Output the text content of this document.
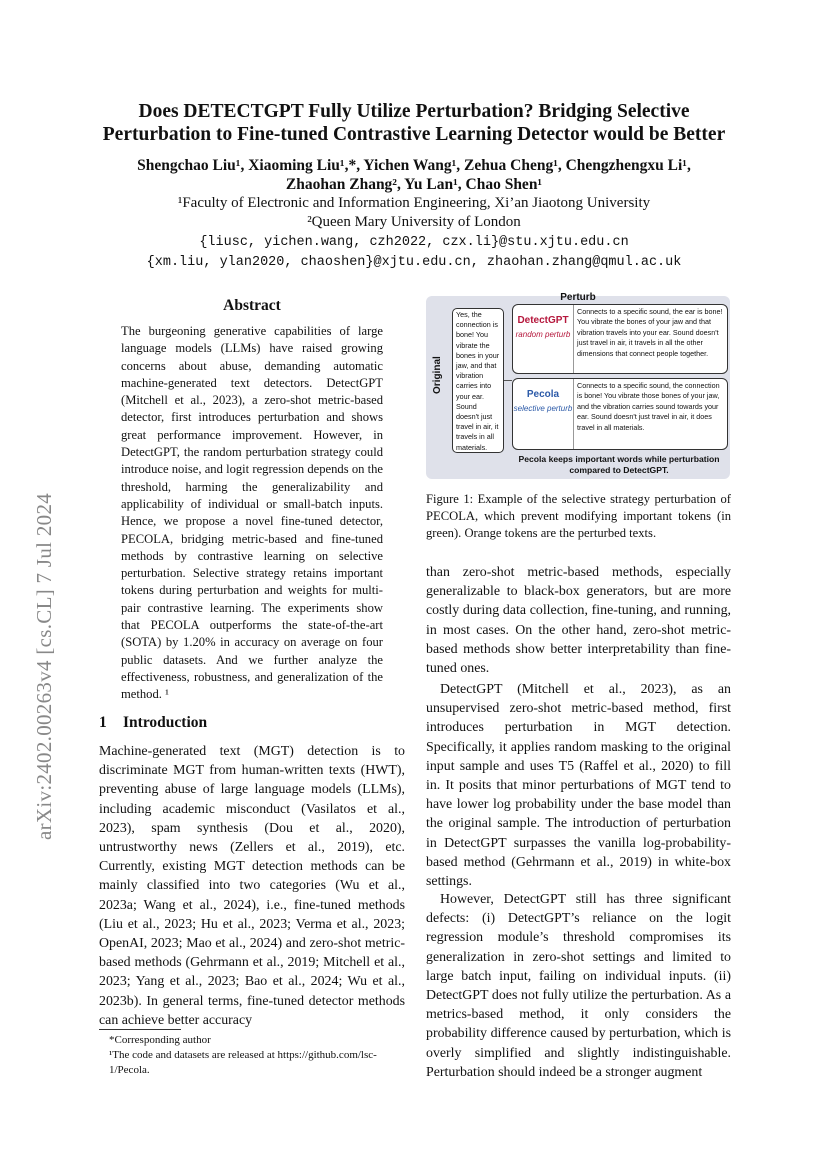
arXiv:2402.00263v4 [cs.CL] 7 Jul 2024
Does DETECTGPT Fully Utilize Perturbation? Bridging Selective
Perturbation to Fine-tuned Contrastive Learning Detector would be Better
Shengchao Liu¹, Xiaoming Liu¹,*, Yichen Wang¹, Zehua Cheng¹, Chengzhengxu Li¹,
Zhaohan Zhang², Yu Lan¹, Chao Shen¹
¹Faculty of Electronic and Information Engineering, Xi’an Jiaotong University
²Queen Mary University of London
{liusc, yichen.wang, czh2022, czx.li}@stu.xjtu.edu.cn
{xm.liu, ylan2020, chaoshen}@xjtu.edu.cn, zhaohan.zhang@qmul.ac.uk
Abstract
The burgeoning generative capabilities of large language models (LLMs) have raised growing concerns about abuse, demanding automatic machine-generated text detectors. DetectGPT (Mitchell et al., 2023), a zero-shot metric-based detector, first introduces perturbation and shows great performance improvement. However, in DetectGPT, the random perturbation strategy could introduce noise, and logit regression depends on the threshold, harming the generalizability and applicability of individual or small-batch inputs. Hence, we propose a novel fine-tuned detector, PECOLA, bridging metric-based and fine-tuned methods by contrastive learning on selective perturbation. Selective strategy retains important tokens during perturbation and weights for multi-pair contrastive learning. The experiments show that PECOLA outperforms the state-of-the-art (SOTA) by 1.20% in accuracy on average on four public datasets. And we further analyze the effectiveness, robustness, and generalization of the method. ¹
1 Introduction
Machine-generated text (MGT) detection is to discriminate MGT from human-written texts (HWT), preventing abuse of large language models (LLMs), including academic misconduct (Vasilatos et al., 2023), spam synthesis (Dou et al., 2020), untrustworthy news (Zellers et al., 2019), etc. Currently, existing MGT detection methods can be mainly classified into two categories (Wu et al., 2023a; Wang et al., 2024), i.e., fine-tuned methods (Liu et al., 2023; Hu et al., 2023; Verma et al., 2023; OpenAI, 2023; Mao et al., 2024) and zero-shot metric-based methods (Gehrmann et al., 2019; Mitchell et al., 2023; Yang et al., 2023; Bao et al., 2024; Wu et al., 2023b). In general terms, fine-tuned detector methods can achieve better accuracy
*Corresponding author
¹The code and datasets are released at https://github.com/lsc-1/Pecola.
Perturb
Original
Yes, the connection is bone! You vibrate the bones in your jaw, and that vibration carries into your ear. Sound doesn't just travel in air, it travels in all materials.
DetectGPT
random perturb
Connects to a specific sound, the ear is bone! You vibrate the bones of your jaw and that vibration travels into your ear. Sound doesn't just travel in air, it travels in all the other dimensions that connect people together.
Pecola
selective perturb
Connects to a specific sound, the connection is bone! You vibrate those bones of your jaw, and the vibration carries sound towards your ear. Sound doesn't just travel in air, it does travel in all materials.
Pecola keeps important words while perturbation compared to DetectGPT.
Figure 1: Example of the selective strategy perturbation of PECOLA, which prevent modifying important tokens (in green). Orange tokens are the perturbed texts.
than zero-shot metric-based methods, especially generalizable to black-box generators, but are more costly during data collection, fine-tuning, and running, in most cases. On the other hand, zero-shot metric-based methods show better interpretability than fine-tuned ones.
DetectGPT (Mitchell et al., 2023), as an unsupervised zero-shot metric-based method, first introduces perturbation in MGT detection. Specifically, it applies random masking to the original input sample and uses T5 (Raffel et al., 2020) to fill in. It posits that minor perturbations of MGT tend to have lower log probability under the base model than the original sample. The introduction of perturbation in DetectGPT surpasses the vanilla log-probability-based method (Gehrmann et al., 2019) in white-box settings.
However, DetectGPT still has three significant defects: (i) DetectGPT’s reliance on the logit regression module’s threshold compromises its generalization in zero-shot settings and limited to large batch input, failing on individual inputs. (ii) DetectGPT does not fully utilize the perturbation. As a metrics-based method, it only considers the probability difference caused by perturbation, which is overly simplified and slightly indistinguishable. Perturbation should indeed be a stronger augment
